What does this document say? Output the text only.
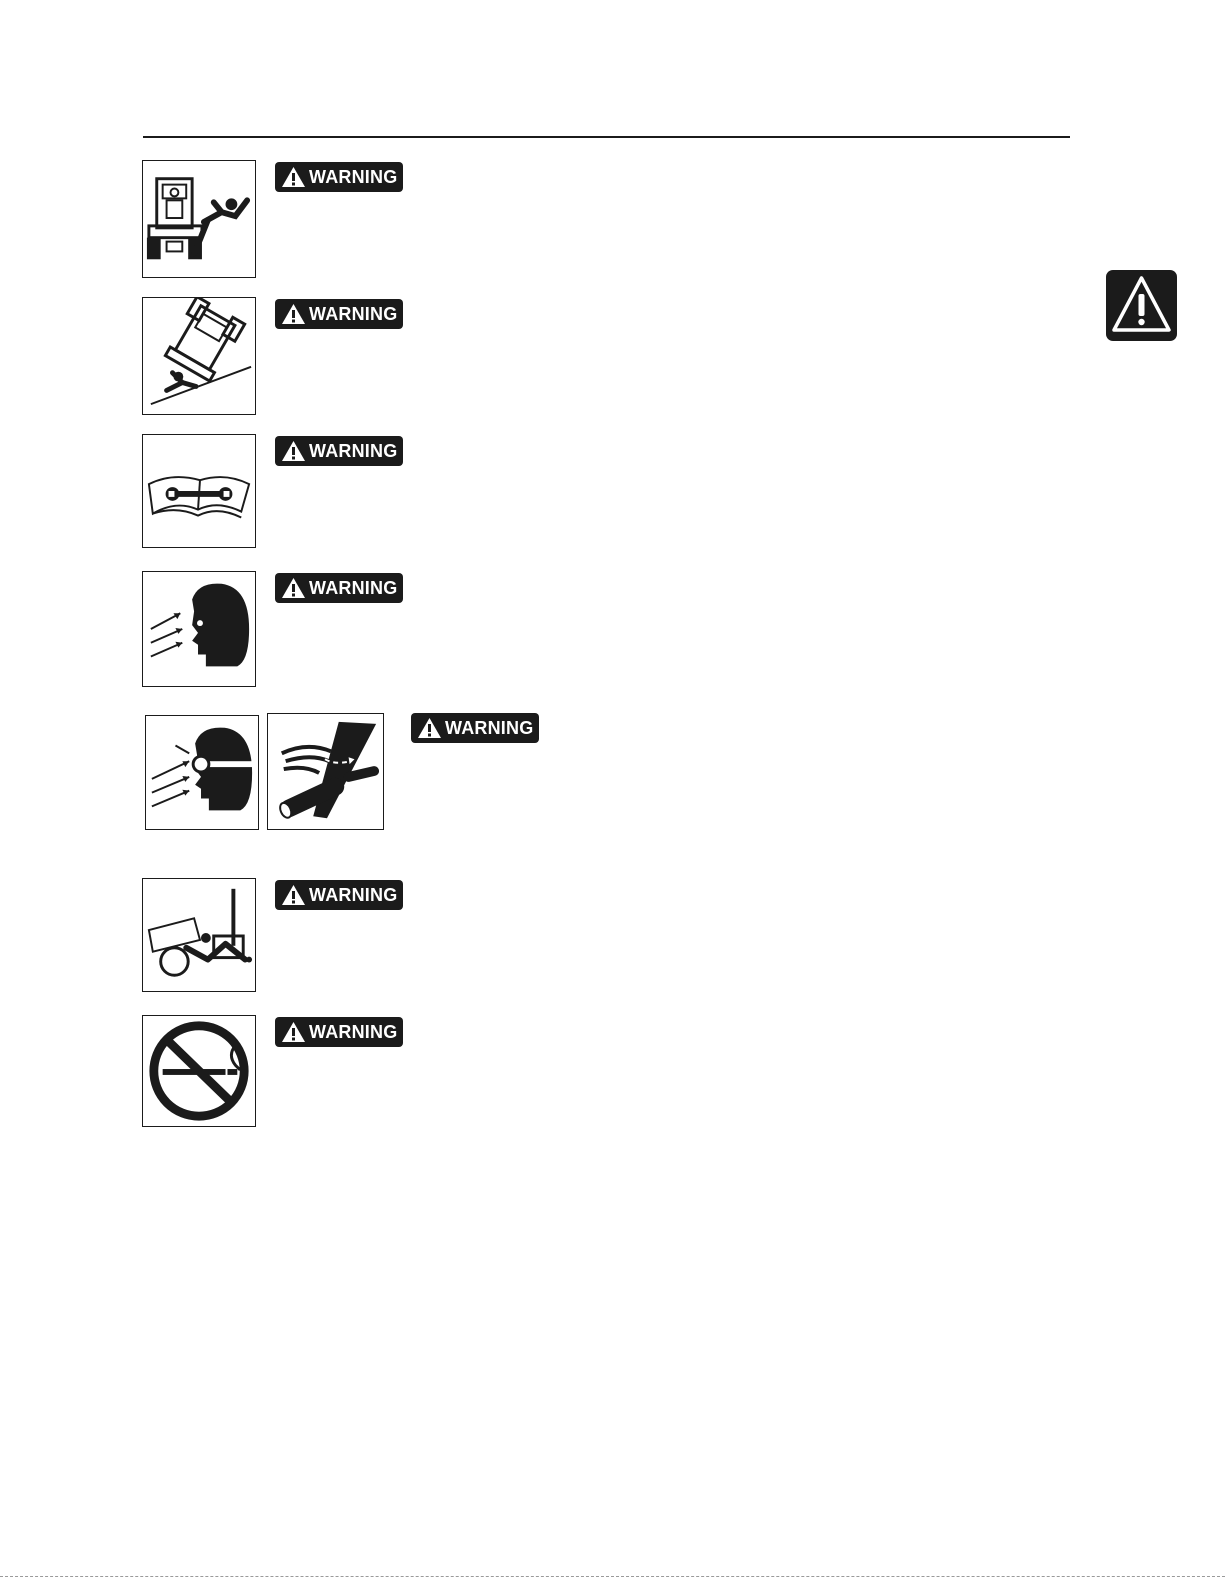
WARNING
WARNING
WARNING
WARNING
WARNING
WARNING
WARNING
